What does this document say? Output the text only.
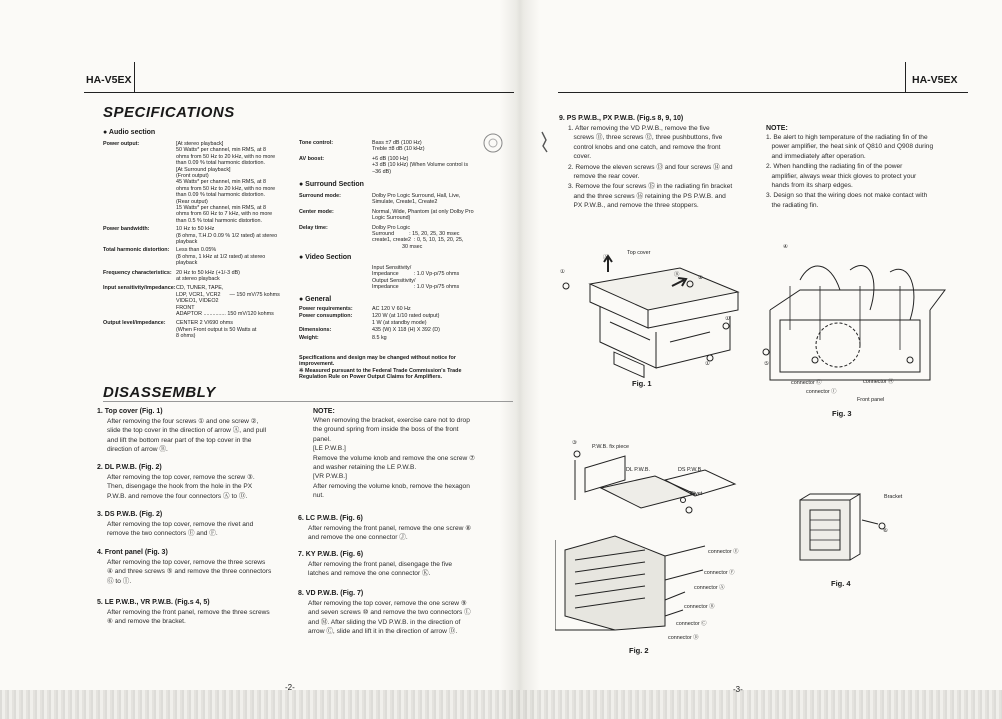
HA-V5EX
SPECIFICATIONS
● Audio section
Power output:	[At stereo playback]
50 Watts* per channel, min RMS, at 8
ohms from 50 Hz to 20 kHz, with no more
than 0.09 % total harmonic distortion.
[At Surround playback]
(Front output)
45 Watts* per channel, min RMS, at 8
ohms from 50 Hz to 20 kHz, with no more
than 0.09 % total harmonic distortion.
(Rear output)
15 Watts* per channel, min RMS, at 8
ohms from 60 Hz to 7 kHz, with no more
than 0.5 % total harmonic distortion.
Power bandwidth:	10 Hz to 50 kHz
(8 ohms, T.H.D 0.09 % 1/2 rated) at stereo
playback
Total harmonic distortion: Less than 0.05%
(8 ohms, 1 kHz at 1/2 rated) at stereo
playback
Frequency characteristics: 20 Hz to 50 kHz (+1/-3 dB)
at stereo playback
Input sensitivity/impedance: CD, TUNER, TAPE,
LDP, VCR1, VCR2      — 150 mV/75 kohms
VIDEO1, VIDEO2
FRONT
ADAPTOR ............... 150 mV/120 kohms
Output level/impedance: CENTER 2 V/690 ohms
(When Front output is 50 Watts at
8 ohms)
Tone control:	Bass ±7 dB (100 Hz)
Treble ±8 dB (10 kHz)
AV boost:	+6 dB (100 Hz)
+3 dB (10 kHz) (When Volume control is
−36 dB)
● Surround Section
Surround mode:	Dolby Pro Logic Surround, Hall, Live,
Simulate, Create1, Create2
Center mode:	Normal, Wide, Phantom (at only Dolby Pro
Logic Surround)
Delay time:	Dolby Pro Logic
Surround          : 15, 20, 25, 30 msec
create1, create2  : 0, 5, 10, 15, 20, 25,
30 msec
● Video Section
Input Sensitivity/
Impedance          : 1.0 Vp-p/75 ohms
Output Sensitivity/
Impedance          : 1.0 Vp-p/75 ohms
● General
Power requirements:	AC 120 V 60 Hz
Power consumption:	120 W (at 1/10 rated output)
1 W (at standby mode)
Dimensions:	435 (W) X 118 (H) X 392 (D)
Weight:	8.5 kg
Specifications and design may be changed without notice for
improvement.
※ Measured pursuant to the Federal Trade Commission's Trade
Regulation Rule on Power Output Claims for Amplifiers.
DISASSEMBLY
1. Top cover (Fig. 1)
After removing the four screws ① and one screw ②,
slide the top cover in the direction of arrow Ⓐ, and pull
and lift the bottom rear part of the top cover in the
direction of arrow Ⓑ.
2. DL P.W.B. (Fig. 2)
After removing the top cover, remove the screw ③.
Then, disengage the hook from the hole in the PX
P.W.B. and remove the four connectors Ⓐ to Ⓓ.
3. DS P.W.B. (Fig. 2)
After removing the top cover, remove the rivet and
remove the two connectors Ⓔ and Ⓕ.
4. Front panel (Fig. 3)
After removing the top cover, remove the three screws
④ and three screws ⑤ and remove the three connectors
Ⓖ to Ⓘ.
5. LE P.W.B., VR P.W.B. (Fig.s 4, 5)
After removing the front panel, remove the three screws
⑥ and remove the bracket.
NOTE:
When removing the bracket, exercise care not to drop
the ground spring from inside the boss of the front
panel.
[LE P.W.B.]
Remove the volume knob and remove the one screw ⑦
and washer retaining the LE P.W.B.
[VR P.W.B.]
After removing the volume knob, remove the hexagon
nut.
6. LC P.W.B. (Fig. 6)
After removing the front panel, remove the one screw ⑧
and remove the one connector Ⓙ.
7. KY P.W.B. (Fig. 6)
After removing the front panel, disengage the five
latches and remove the one connector Ⓚ.
8. VD P.W.B. (Fig. 7)
After removing the top cover, remove the one screw ⑨
and seven screws ⑩ and remove the two connectors Ⓛ
and Ⓜ. After sliding the VD P.W.B. in the direction of
arrow Ⓒ, slide and lift it in the direction of arrow Ⓓ.
-2-
HA-V5EX
9. PS P.W.B., PX P.W.B. (Fig.s 8, 9, 10)
1. After removing the VD P.W.B., remove the five
screws ⑪, three screws ⑫, three pushbuttons, five
control knobs and one catch, and remove the front
cover.
2. Remove the eleven screws ⑬ and four screws ⑭ and
remove the rear cover.
3. Remove the four screws ⑮ in the radiating fin bracket
and the three screws ⑯ retaining the PS P.W.B. and
PX P.W.B., and remove the three stoppers.
NOTE:
1. Be alert to high temperature of the radiating fin of the
power amplifier, the heat sink of Q810 and Q908 during
and immediately after operation.
2. When handling the radiating fin of the power
amplifier, always wear thick gloves to protect your
hands from its sharp edges.
3. Design so that the wiring does not make contact with
the radiating fin.
Top cover
①
Ⓐ
Ⓑ	②
①
①
Fig. 1
P.W.B. fix piece
DL P.W.B.	DS P.W.B.
Rivet
connector Ⓔ
connector Ⓕ
connector Ⓐ
connector Ⓑ
connector Ⓒ
connector Ⓓ
③
Fig. 2
④
⑤
connector Ⓖ	connector Ⓗ
connector Ⓘ
Front panel
Fig. 3
Bracket
⑥
Fig. 4
-3-
